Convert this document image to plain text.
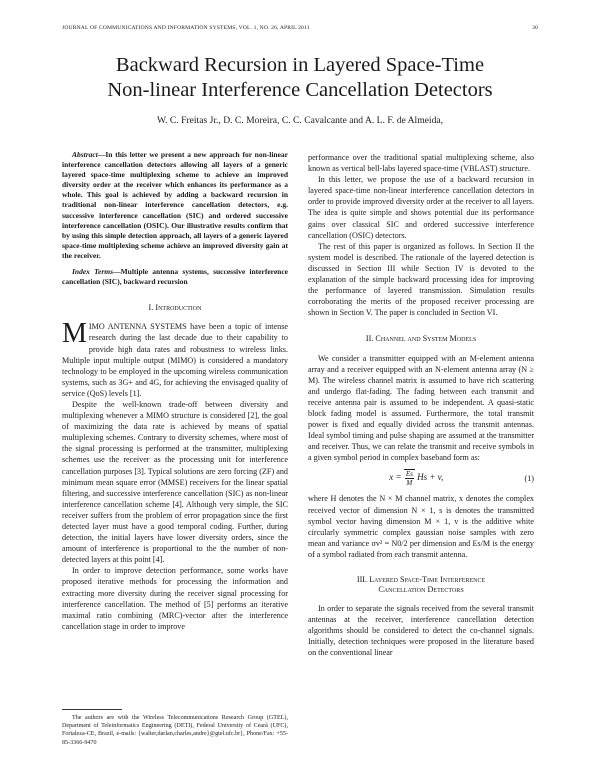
JOURNAL OF COMMUNICATIONS AND INFORMATION SYSTEMS, VOL. 1, NO. 26, APRIL 2011	30
Backward Recursion in Layered Space-Time
Non-linear Interference Cancellation Detectors
W. C. Freitas Jr., D. C. Moreira, C. C. Cavalcante and A. L. F. de Almeida,

Abstract—In this letter we present a new approach for non-linear interference cancellation detectors allowing all layers of a generic layered space-time multiplexing scheme to achieve an improved diversity order at the receiver which enhances its performance as a whole. This goal is achieved by adding a backward recursion in traditional non-linear interference cancellation detectors, e.g. successive interference cancellation (SIC) and ordered successive interference cancellation (OSIC). Our illustrative results confirm that by using this simple detection approach, all layers of a generic layered space-time multiplexing scheme achieve an improved diversity gain at the receiver.

Index Terms—Multiple antenna systems, successive interference cancellation (SIC), backward recursion

I. Introduction

MIMO ANTENNA SYSTEMS have been a topic of intense research during the last decade due to their capability to provide high data rates and robustness to wireless links. Multiple input multiple output (MIMO) is considered a mandatory technology to be employed in the upcoming wireless communication systems, such as 3G+ and 4G, for achieving the envisaged quality of service (QoS) levels [1].

Despite the well-known trade-off between diversity and multiplexing whenever a MIMO structure is considered [2], the goal of maximizing the data rate is achieved by means of spatial multiplexing schemes. Contrary to diversity schemes, where most of the signal processing is performed at the transmitter, multiplexing schemes use the receiver as the processing unit for interference cancellation purposes [3]. Typical solutions are zero forcing (ZF) and minimum mean square error (MMSE) receivers for the linear spatial filtering, and successive interference cancellation (SIC) as non-linear interference cancellation scheme [4]. Although very simple, the SIC receiver suffers from the problem of error propagation since the first detected layer must have a good temporal coding. Further, during detection, the initial layers have lower diversity orders, since the amount of interference is proportional to the the number of non-detected layers at this point [4].

In order to improve detection performance, some works have proposed iterative methods for processing the information and extracting more diversity during the receiver signal processing for interference cancellation. The method of [5] performs an iterative maximal ratio combining (MRC)-vector after the interference cancellation stage in order to improve

The authors are with the Wireless Telecommunications Research Group (GTEL), Department of Teleinformatics Engineering (DETI), Federal University of Ceará (UFC), Fortaleza-CE, Brazil, e-mails: {walter,darlan,charles,andre}@gtel.ufc.br}, Phone/Fax: +55-85-3366-9470

performance over the traditional spatial multiplexing scheme, also known as vertical bell-labs layered space-time (VBLAST) structure.

In this letter, we propose the use of a backward recursion in layered space-time non-linear interference cancellation detectors in order to provide improved diversity order at the receiver to all layers. The idea is quite simple and shows potential due its performance gains over classical SIC and ordered successive interference cancellation (OSIC) detectors.

The rest of this paper is organized as follows. In Section II the system model is described. The rationale of the layered detection is discussed in Section III while Section IV is devoted to the explanation of the simple backward processing idea for improving the performance of layered transmission. Simulation results corroborating the merits of the proposed receiver processing are shown in Section V. The paper is concluded in Section VI.

II. Channel and System Models

We consider a transmitter equipped with an M-element antenna array and a receiver equipped with an N-element antenna array (N ≥ M). The wireless channel matrix is assumed to have rich scattering and undergo flat-fading. The fading between each transmit and receive antenna pair is assumed to be independent. A quasi-static block fading model is assumed. Furthermore, the total transmit power is fixed and equally divided across the transmit antennas. Ideal symbol timing and pulse shaping are assumed at the transmitter and receiver. Thus, we can relate the transmit and receive symbols in a given symbol period in complex baseband form as:

$x = \frac{Es}{M}$ Hs + v,	(1)

where H denotes the N × M channel matrix, x denotes the complex received vector of dimension N × 1, s is denotes the transmitted symbol vector having dimension M × 1, v is the additive white circularly symmetric complex gaussian noise samples with zero mean and variance σv² = N0/2 per dimension and Es/M is the energy of a symbol radiated from each transmit antenna.

III. Layered Space-Time Interference
Cancellation Detectors

In order to separate the signals received from the several transmit antennas at the receiver, interference cancellation detection algorithms should be considered to detect the co-channel signals. Initially, detection techniques were proposed in the literature based on the conventional linear
